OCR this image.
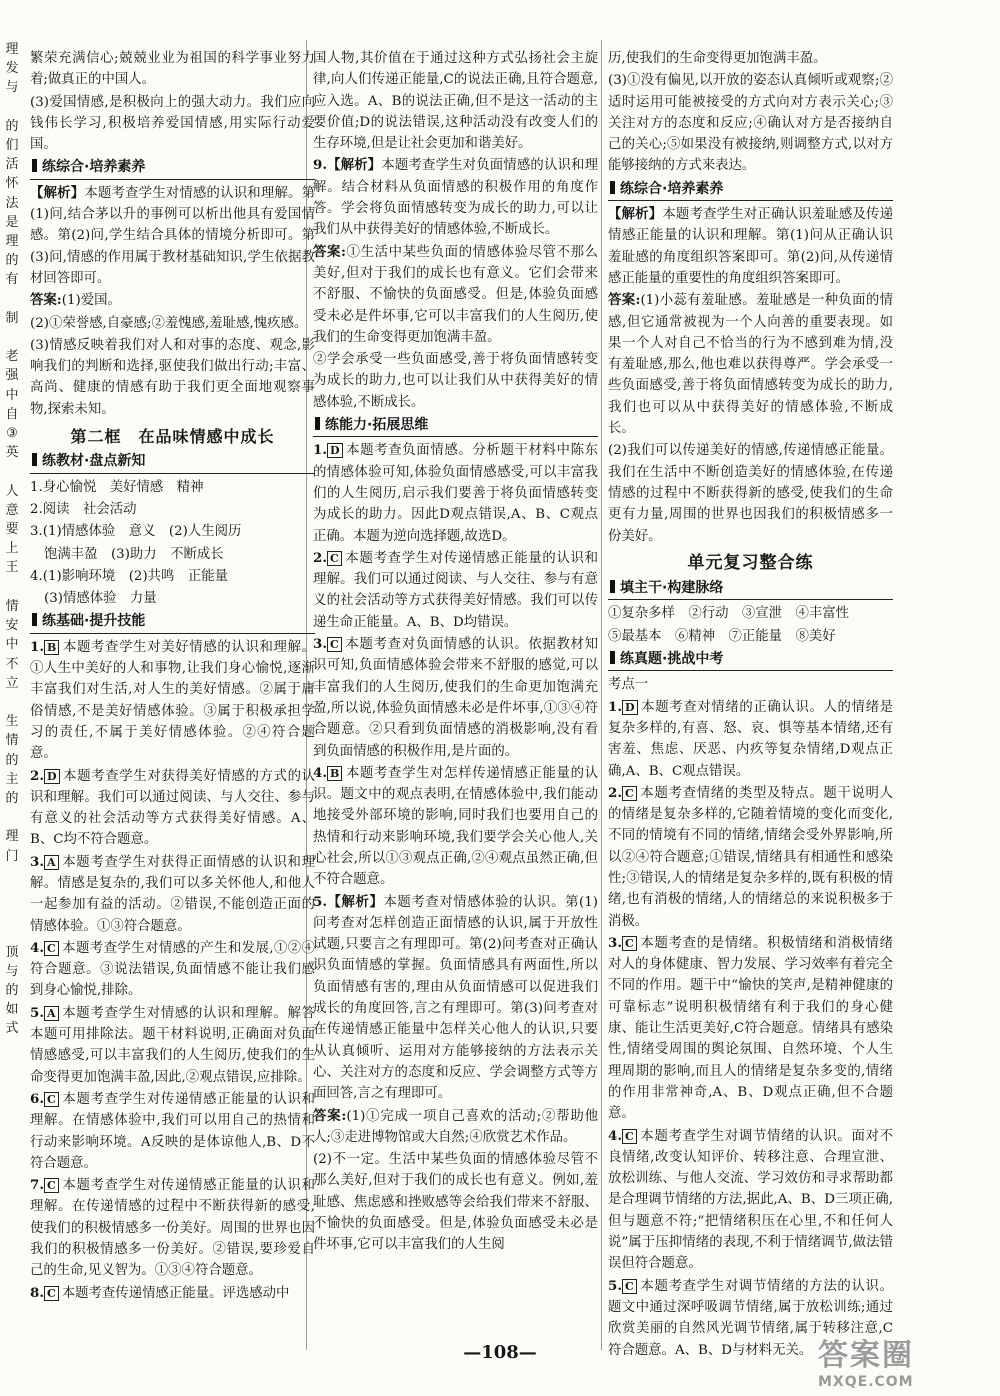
理
发
与

的
们
活
怀
法
是
理
的
有

制

老
强
中
自
③
英

人
意
要
上
王

情
安
中
不
立

生
情
的
主
的

理
门

顶
与
的
如
式

繁荣充满信心;兢兢业业为祖国的科学事业努力着;做真正的中国人。

(3)爱国情感,是积极向上的强大动力。我们应向钱伟长学习,积极培养爱国情感,用实际行动爱国。

练综合·培养素养

【解析】本题考查学生对情感的认识和理解。第(1)问,结合茅以升的事例可以析出他具有爱国情感。第(2)问,学生结合具体的情境分析即可。第(3)问,情感的作用属于教材基础知识,学生依据教材回答即可。

答案:(1)爱国。

(2)①荣誉感,自豪感;②羞愧感,羞耻感,愧疚感。

(3)情感反映着我们对人和对事的态度、观念,影响我们的判断和选择,驱使我们做出行动;丰富、高尚、健康的情感有助于我们更全面地观察事物,探索未知。

第二框　在品味情感中成长
练教材·盘点新知

1.身心愉悦　美好情感　精神

2.阅读　社会活动

3.(1)情感体验　意义　(2)人生阅历

饱满丰盈　(3)助力　不断成长

4.(1)影响环境　(2)共鸣　正能量

(3)情感体验　力量

练基础·提升技能

1. B 本题考查学生对美好情感的认识和理解。①人生中美好的人和事物,让我们身心愉悦,逐渐丰富我们对生活,对人生的美好情感。②属于庸俗情感,不是美好情感体验。③属于积极承担学习的责任,不属于美好情感体验。②④符合题意。

2. D 本题考查学生对获得美好情感的方式的认识和理解。我们可以通过阅读、与人交往、参与有意义的社会活动等方式获得美好情感。A、B、C均不符合题意。

3. A 本题考查学生对获得正面情感的认识和理解。情感是复杂的,我们可以多关怀他人,和他人一起参加有益的活动。②错误,不能创造正面的情感体验。①③符合题意。

4. C 本题考查学生对情感的产生和发展,①②④符合题意。③说法错误,负面情感不能让我们感到身心愉悦,排除。

5. A 本题考查学生对情感的认识和理解。解答本题可用排除法。题干材料说明,正确面对负面情感感受,可以丰富我们的人生阅历,使我们的生命变得更加饱满丰盈,因此,②观点错误,应排除。

6. C 本题考查学生对传递情感正能量的认识和理解。在情感体验中,我们可以用自己的热情和行动来影响环境。A反映的是体谅他人,B、D不符合题意。

7. C 本题考查学生对传递情感正能量的认识和理解。在传递情感的过程中不断获得新的感受,使我们的积极情感多一份美好。周围的世界也因我们的积极情感多一份美好。②错误,要珍爱自己的生命,见义智为。①③④符合题意。

8. C 本题考查传递情感正能量。评选感动中

国人物,其价值在于通过这种方式弘扬社会主旋律,向人们传递正能量,C的说法正确,且符合题意,应入选。A、B的说法正确,但不是这一活动的主要价值;D的说法错误,这种活动没有改变人们的生存环境,但是让社会更加和谐美好。

9.【解析】本题考查学生对负面情感的认识和理解。结合材料从负面情感的积极作用的角度作答。学会将负面情感转变为成长的助力,可以让我们从中获得美好的情感体验,不断成长。

答案:①生活中某些负面的情感体验尽管不那么美好,但对于我们的成长也有意义。它们会带来不舒服、不愉快的负面感受。但是,体验负面感受未必是件坏事,它可以丰富我们的人生阅历,使我们的生命变得更加饱满丰盈。

②学会承受一些负面感受,善于将负面情感转变为成长的助力,也可以让我们从中获得美好的情感体验,不断成长。

练能力·拓展思维

1. D 本题考查负面情感。分析题干材料中陈东的情感体验可知,体验负面情感感受,可以丰富我们的人生阅历,启示我们要善于将负面情感转变为成长的助力。因此D观点错误,A、B、C观点正确。本题为逆向选择题,故选D。

2. C 本题考查学生对传递情感正能量的认识和理解。我们可以通过阅读、与人交往、参与有意义的社会活动等方式获得美好情感。我们可以传递生命正能量。A、B、D均错误。

3. C 本题考查对负面情感的认识。依据教材知识可知,负面情感体验会带来不舒服的感觉,可以丰富我们的人生阅历,使我们的生命更加饱满充盈,所以说,体验负面情感未必是件坏事,①③④符合题意。②只看到负面情感的消极影响,没有看到负面情感的积极作用,是片面的。

4. B 本题考查学生对怎样传递情感正能量的认识。题文中的观点表明,在情感体验中,我们能动地接受外部环境的影响,同时我们也要用自己的热情和行动来影响环境,我们要学会关心他人,关心社会,所以①③观点正确,②④观点虽然正确,但不符合题意。

5.【解析】本题考查对情感体验的认识。第(1)问考查对怎样创造正面情感的认识,属于开放性试题,只要言之有理即可。第(2)问考查对正确认识负面情感的掌握。负面情感具有两面性,所以负面情感有害的,理由从负面情感可以促进我们成长的角度回答,言之有理即可。第(3)问考查对在传递情感正能量中怎样关心他人的认识,只要从认真倾听、运用对方能够接纳的方法表示关心、关注对方的态度和反应、学会调整方式等方面回答,言之有理即可。

答案:(1)①完成一项自己喜欢的活动;②帮助他人;③走进博物馆或大自然;④欣赏艺术作品。

(2)不一定。生活中某些负面的情感体验尽管不那么美好,但对于我们的成长也有意义。例如,羞耻感、焦虑感和挫败感等会给我们带来不舒服、不愉快的负面感受。但是,体验负面感受未必是件坏事,它可以丰富我们的人生阅

历,使我们的生命变得更加饱满丰盈。

(3)①没有偏见,以开放的姿态认真倾听或观察;②适时运用可能被接受的方式向对方表示关心;③关注对方的态度和反应;④确认对方是否接纳自己的关心;⑤如果没有被接纳,则调整方式,以对方能够接纳的方式来表达。

练综合·培养素养

【解析】本题考查学生对正确认识羞耻感及传递情感正能量的认识和理解。第(1)问从正确认识羞耻感的角度组织答案即可。第(2)问,从传递情感正能量的重要性的角度组织答案即可。

答案:(1)小蕊有羞耻感。羞耻感是一种负面的情感,但它通常被视为一个人向善的重要表现。如果一个人对自己不恰当的行为不感到难为情,没有羞耻感,那么,他也难以获得尊严。学会承受一些负面感受,善于将负面情感转变为成长的助力,我们也可以从中获得美好的情感体验,不断成长。

(2)我们可以传递美好的情感,传递情感正能量。我们在生活中不断创造美好的情感体验,在传递情感的过程中不断获得新的感受,使我们的生命更有力量,周围的世界也因我们的积极情感多一份美好。

单元复习整合练
填主干·构建脉络

①复杂多样　②行动　③宣泄　④丰富性

⑤最基本　⑥精神　⑦正能量　⑧美好

练真题·挑战中考

考点一

1. D 本题考查对情绪的正确认识。人的情绪是复杂多样的,有喜、怒、哀、惧等基本情绪,还有害羞、焦虑、厌恶、内疚等复杂情绪,D观点正确,A、B、C观点错误。

2. C 本题考查情绪的类型及特点。题干说明人的情绪是复杂多样的,它随着情境的变化而变化,不同的情境有不同的情绪,情绪会受外界影响,所以②④符合题意;①错误,情绪具有相通性和感染性;③错误,人的情绪是复杂多样的,既有积极的情绪,也有消极的情绪,人的情绪总的来说积极多于消极。

3. C 本题考查的是情绪。积极情绪和消极情绪对人的身体健康、智力发展、学习效率有着完全不同的作用。题干中“愉快的笑声,是精神健康的可靠标志”说明积极情绪有利于我们的身心健康、能让生活更美好,C符合题意。情绪具有感染性,情绪受周围的舆论氛围、自然环境、个人生理周期的影响,而且人的情绪是复杂多变的,情绪的作用非常神奇,A、B、D观点正确,但不合题意。

4. C 本题考查学生对调节情绪的认识。面对不良情绪,改变认知评价、转移注意、合理宣泄、放松训练、与他人交流、学习效仿和寻求帮助都是合理调节情绪的方法,据此,A、B、D三项正确,但与题意不符;“把情绪积压在心里,不和任何人说”属于压抑情绪的表现,不利于情绪调节,做法错误但符合题意。

5. C 本题考查学生对调节情绪的方法的认识。题文中通过深呼吸调节情绪,属于放松训练;通过欣赏美丽的自然风光调节情绪,属于转移注意,C符合题意。A、B、D与材料无关。

—108—	答案圈
MXQE.COM
